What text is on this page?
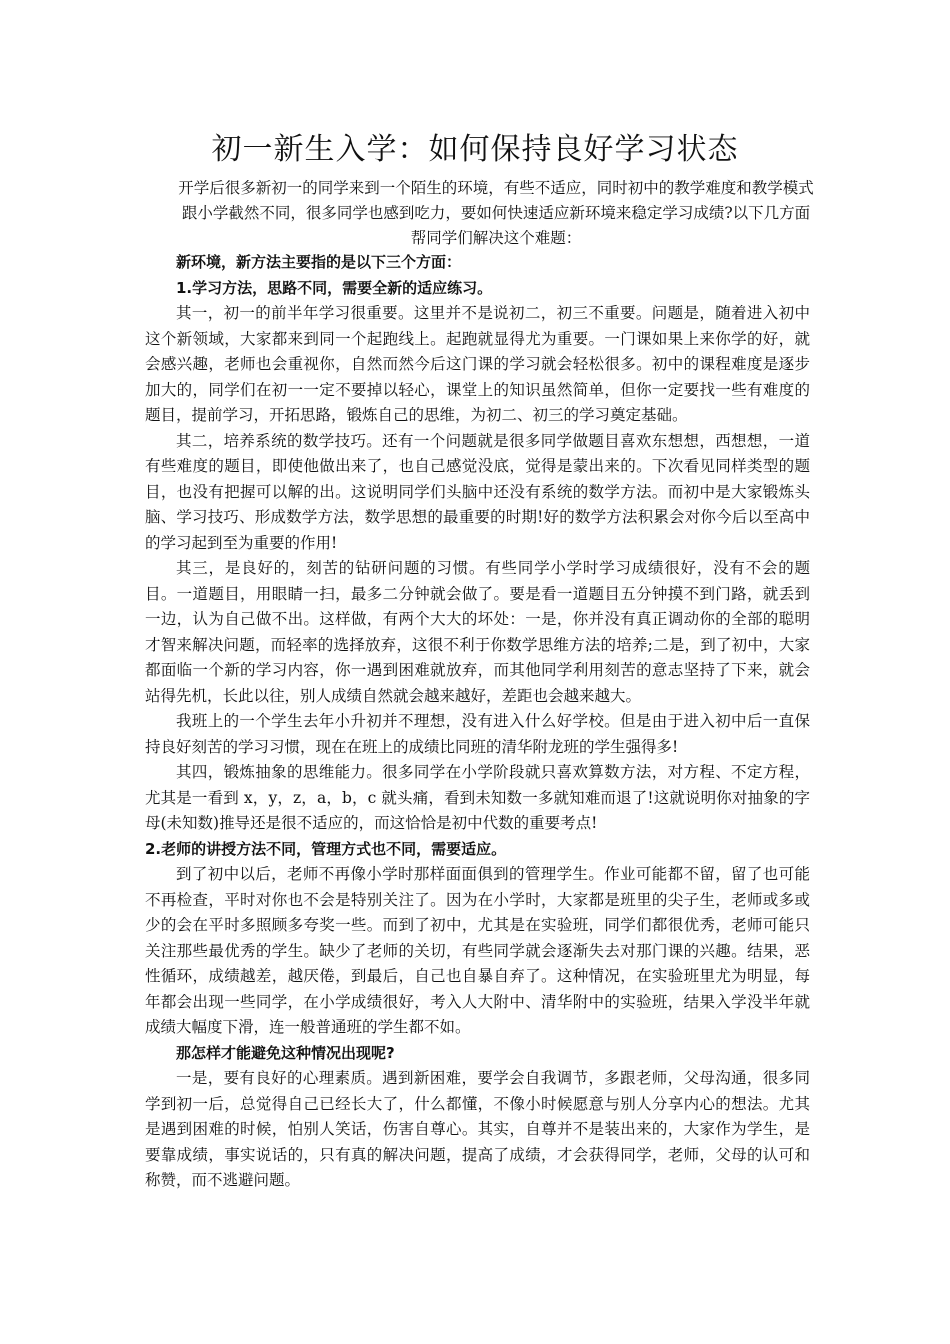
初一新生入学：如何保持良好学习状态
开学后很多新初一的同学来到一个陌生的环境，有些不适应，同时初中的教学难度和教学模式跟小学截然不同，很多同学也感到吃力，要如何快速适应新环境来稳定学习成绩?以下几方面帮同学们解决这个难题：

新环境，新方法主要指的是以下三个方面：

1.学习方法，思路不同，需要全新的适应练习。

其一，初一的前半年学习很重要。这里并不是说初二，初三不重要。问题是，随着进入初中这个新领域，大家都来到同一个起跑线上。起跑就显得尤为重要。一门课如果上来你学的好，就会感兴趣，老师也会重视你，自然而然今后这门课的学习就会轻松很多。初中的课程难度是逐步加大的，同学们在初一一定不要掉以轻心，课堂上的知识虽然简单，但你一定要找一些有难度的题目，提前学习，开拓思路，锻炼自己的思维，为初二、初三的学习奠定基础。

其二，培养系统的数学技巧。还有一个问题就是很多同学做题目喜欢东想想，西想想，一道有些难度的题目，即使他做出来了，也自己感觉没底，觉得是蒙出来的。下次看见同样类型的题目，也没有把握可以解的出。这说明同学们头脑中还没有系统的数学方法。而初中是大家锻炼头脑、学习技巧、形成数学方法，数学思想的最重要的时期!好的数学方法积累会对你今后以至高中的学习起到至为重要的作用!

其三，是良好的，刻苦的钻研问题的习惯。有些同学小学时学习成绩很好，没有不会的题目。一道题目，用眼睛一扫，最多二分钟就会做了。要是看一道题目五分钟摸不到门路，就丢到一边，认为自己做不出。这样做，有两个大大的坏处：一是，你并没有真正调动你的全部的聪明才智来解决问题，而轻率的选择放弃，这很不利于你数学思维方法的培养;二是，到了初中，大家都面临一个新的学习内容，你一遇到困难就放弃，而其他同学利用刻苦的意志坚持了下来，就会站得先机，长此以往，别人成绩自然就会越来越好，差距也会越来越大。

我班上的一个学生去年小升初并不理想，没有进入什么好学校。但是由于进入初中后一直保持良好刻苦的学习习惯，现在在班上的成绩比同班的清华附龙班的学生强得多!

其四，锻炼抽象的思维能力。很多同学在小学阶段就只喜欢算数方法，对方程、不定方程，尤其是一看到 x，y，z，a，b，c 就头痛，看到未知数一多就知难而退了!这就说明你对抽象的字母(未知数)推导还是很不适应的，而这恰恰是初中代数的重要考点!

2.老师的讲授方法不同，管理方式也不同，需要适应。

到了初中以后，老师不再像小学时那样面面俱到的管理学生。作业可能都不留，留了也可能不再检查，平时对你也不会是特别关注了。因为在小学时，大家都是班里的尖子生，老师或多或少的会在平时多照顾多夸奖一些。而到了初中，尤其是在实验班，同学们都很优秀，老师可能只关注那些最优秀的学生。缺少了老师的关切，有些同学就会逐渐失去对那门课的兴趣。结果，恶性循环，成绩越差，越厌倦，到最后，自己也自暴自弃了。这种情况，在实验班里尤为明显，每年都会出现一些同学，在小学成绩很好，考入人大附中、清华附中的实验班，结果入学没半年就成绩大幅度下滑，连一般普通班的学生都不如。

那怎样才能避免这种情况出现呢?

一是，要有良好的心理素质。遇到新困难，要学会自我调节，多跟老师，父母沟通，很多同学到初一后，总觉得自己已经长大了，什么都懂，不像小时候愿意与别人分享内心的想法。尤其是遇到困难的时候，怕别人笑话，伤害自尊心。其实，自尊并不是装出来的，大家作为学生，是要靠成绩，事实说话的，只有真的解决问题，提高了成绩，才会获得同学，老师，父母的认可和称赞，而不逃避问题。
